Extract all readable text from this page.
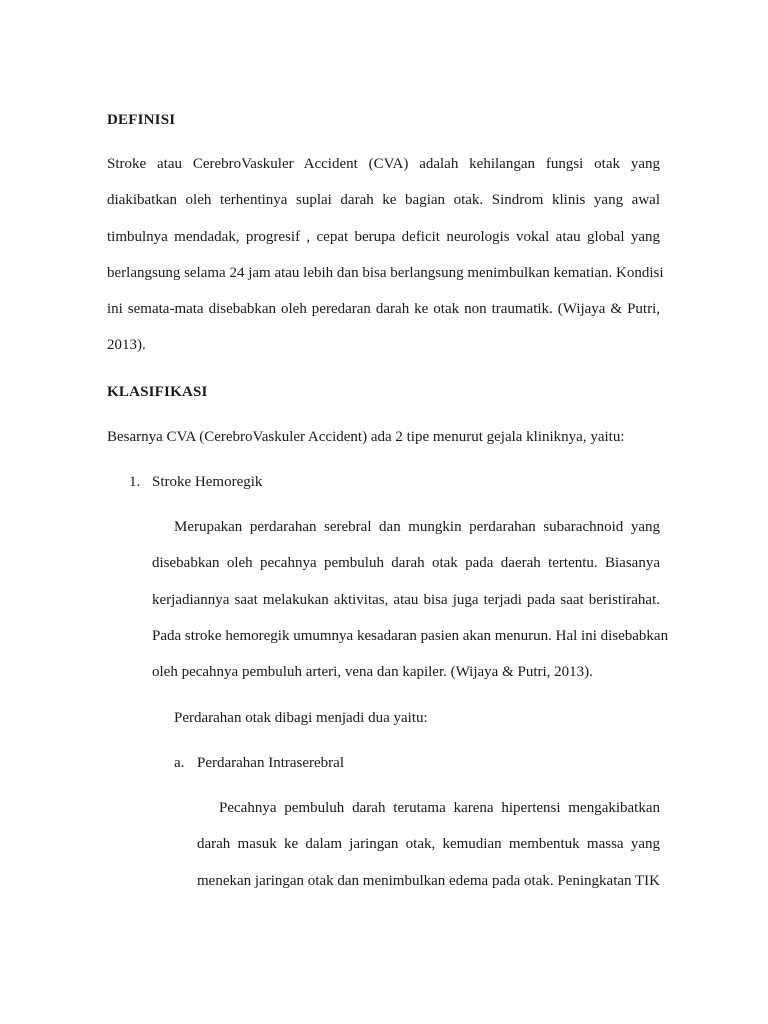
DEFINISI
Stroke atau CerebroVaskuler Accident (CVA) adalah kehilangan fungsi otak yang
diakibatkan oleh terhentinya suplai darah ke bagian otak. Sindrom klinis yang awal
timbulnya mendadak, progresif , cepat berupa deficit neurologis vokal atau global yang
berlangsung selama 24 jam atau lebih dan bisa berlangsung menimbulkan kematian. Kondisi
ini semata-mata disebabkan oleh peredaran darah ke otak non traumatik. (Wijaya & Putri,
2013).
KLASIFIKASI
Besarnya CVA (CerebroVaskuler Accident) ada 2 tipe menurut gejala kliniknya, yaitu:
1. Stroke Hemoregik
Merupakan perdarahan serebral dan mungkin perdarahan subarachnoid yang
disebabkan oleh pecahnya pembuluh darah otak pada daerah tertentu. Biasanya
kerjadiannya saat melakukan aktivitas, atau bisa juga terjadi pada saat beristirahat.
Pada stroke hemoregik umumnya kesadaran pasien akan menurun. Hal ini disebabkan
oleh pecahnya pembuluh arteri, vena dan kapiler. (Wijaya & Putri, 2013).
Perdarahan otak dibagi menjadi dua yaitu:
a. Perdarahan Intraserebral
Pecahnya pembuluh darah terutama karena hipertensi mengakibatkan
darah masuk ke dalam jaringan otak, kemudian membentuk massa yang
menekan jaringan otak dan menimbulkan edema pada otak. Peningkatan TIK
